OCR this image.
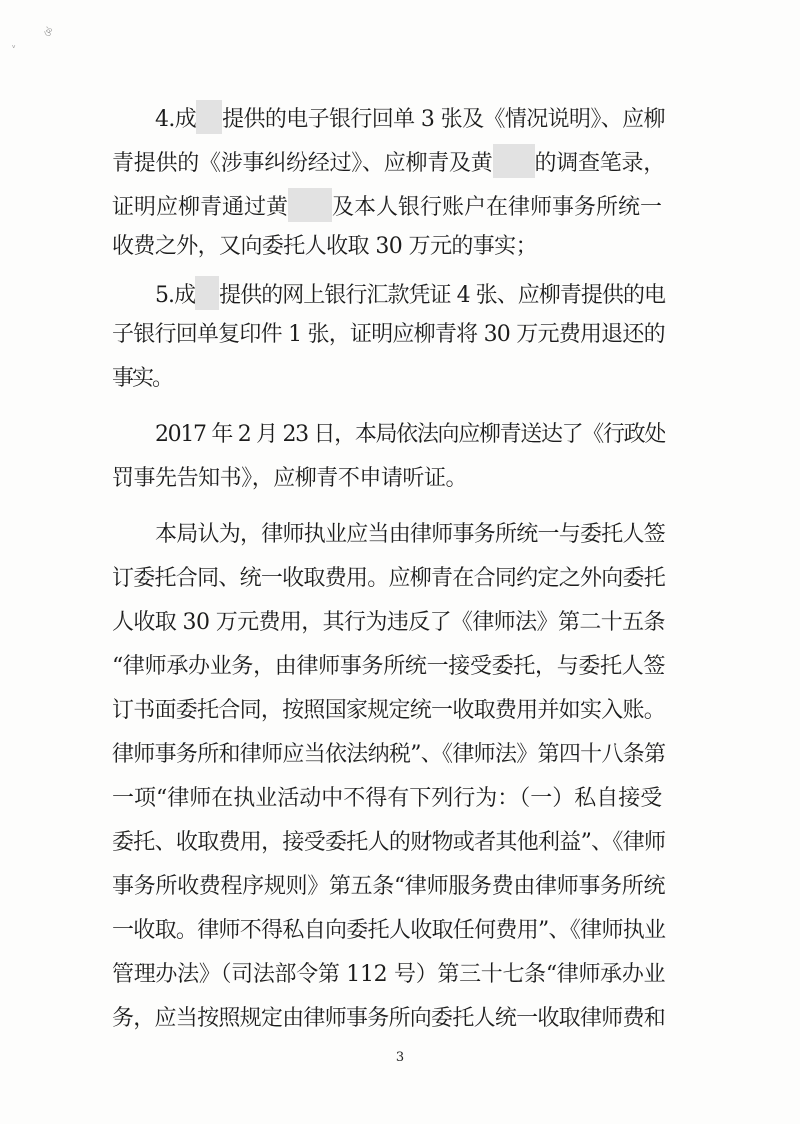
ঔ
ᵛ
4.成 提供的电子银行回单 3 张及《情况说明》、应柳
青提供的《涉事纠纷经过》、应柳青及黄 的调查笔录，
证明应柳青通过黄 及本人银行账户在律师事务所统一
收费之外，又向委托人收取 30 万元的事实；
5.成 提供的网上银行汇款凭证 4 张、应柳青提供的电
子银行回单复印件 1 张，证明应柳青将 30 万元费用退还的
事实。
2017 年 2 月 23 日，本局依法向应柳青送达了《行政处
罚事先告知书》，应柳青不申请听证。
本局认为，律师执业应当由律师事务所统一与委托人签
订委托合同、统一收取费用。应柳青在合同约定之外向委托
人收取 30 万元费用，其行为违反了《律师法》第二十五条
“律师承办业务，由律师事务所统一接受委托，与委托人签
订书面委托合同，按照国家规定统一收取费用并如实入账。
律师事务所和律师应当依法纳税”、《律师法》第四十八条第
一项“律师在执业活动中不得有下列行为：（一）私自接受
委托、收取费用，接受委托人的财物或者其他利益”、《律师
事务所收费程序规则》第五条“律师服务费由律师事务所统
一收取。律师不得私自向委托人收取任何费用”、《律师执业
管理办法》（司法部令第 112 号）第三十七条“律师承办业
务，应当按照规定由律师事务所向委托人统一收取律师费和
3
